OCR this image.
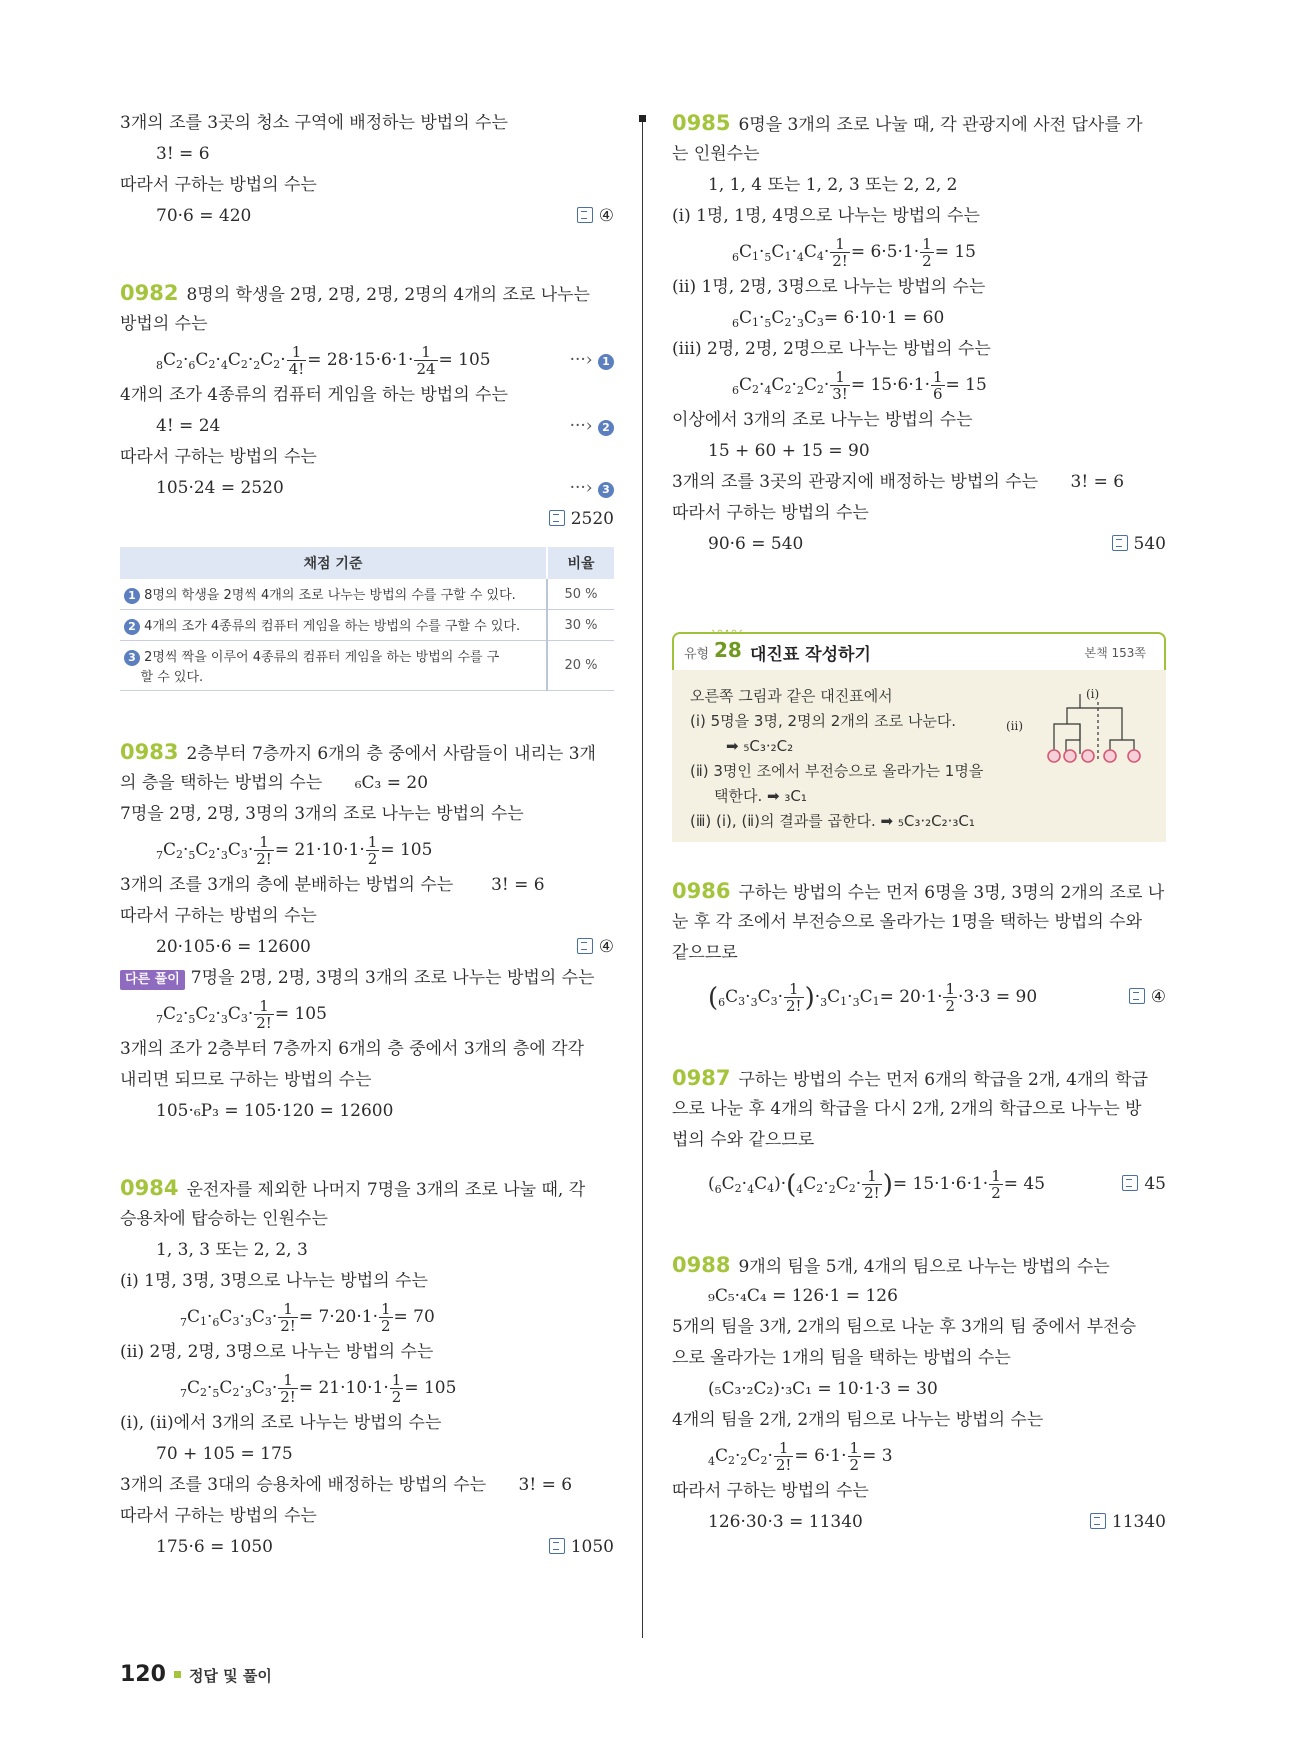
3개의 조를 3곳의 청소 구역에 배정하는 방법의 수는
3! = 6
따라서 구하는 방법의 수는
70·6 = 420	④
0982 8명의 학생을 2명, 2명, 2명, 2명의 4개의 조로 나누는
방법의 수는
$_8C_2\cdot_6C_2\cdot_4C_2\cdot_2C_2\cdot \frac{1}{4!} = 28\cdot 15\cdot 6\cdot 1\cdot \frac{1}{24} = 105$	···› 1
4개의 조가 4종류의 컴퓨터 게임을 하는 방법의 수는
4! = 24	···› 2
따라서 구하는 방법의 수는
105·24 = 2520	···› 3
2520
채점 기준	비율
1 8명의 학생을 2명씩 4개의 조로 나누는 방법의 수를 구할 수 있다.	50 %
2 4개의 조가 4종류의 컴퓨터 게임을 하는 방법의 수를 구할 수 있다.	30 %
3 2명씩 짝을 이루어 4종류의 컴퓨터 게임을 하는 방법의 수를 구
할 수 있다.	20 %
0983 2층부터 7층까지 6개의 층 중에서 사람들이 내리는 3개
의 층을 택하는 방법의 수는 ₆C₃ = 20
7명을 2명, 2명, 3명의 3개의 조로 나누는 방법의 수는
$_7C_2\cdot_5C_2\cdot_3C_3\cdot \frac{1}{2!} = 21\cdot 10\cdot 1\cdot \frac{1}{2} = 105$
3개의 조를 3개의 층에 분배하는 방법의 수는 3! = 6
따라서 구하는 방법의 수는
20·105·6 = 12600	④
다른 풀이 7명을 2명, 2명, 3명의 3개의 조로 나누는 방법의 수는
$_7C_2\cdot_5C_2\cdot_3C_3\cdot \frac{1}{2!} = 105$
3개의 조가 2층부터 7층까지 6개의 층 중에서 3개의 층에 각각
내리면 되므로 구하는 방법의 수는
105·₆P₃ = 105·120 = 12600
0984 운전자를 제외한 나머지 7명을 3개의 조로 나눌 때, 각
승용차에 탑승하는 인원수는
1, 3, 3 또는 2, 2, 3
(ⅰ) 1명, 3명, 3명으로 나누는 방법의 수는
$_7C_1\cdot_6C_3\cdot_3C_3\cdot \frac{1}{2!} = 7\cdot 20\cdot 1\cdot \frac{1}{2} = 70$
(ⅱ) 2명, 2명, 3명으로 나누는 방법의 수는
$_7C_2\cdot_5C_2\cdot_3C_3\cdot \frac{1}{2!} = 21\cdot 10\cdot 1\cdot \frac{1}{2} = 105$
(ⅰ), (ⅱ)에서 3개의 조로 나누는 방법의 수는
70 + 105 = 175
3개의 조를 3대의 승용차에 배정하는 방법의 수는 3! = 6
따라서 구하는 방법의 수는
175·6 = 1050	1050
0985 6명을 3개의 조로 나눌 때, 각 관광지에 사전 답사를 가
는 인원수는
1, 1, 4 또는 1, 2, 3 또는 2, 2, 2
(ⅰ) 1명, 1명, 4명으로 나누는 방법의 수는
$_6C_1\cdot_5C_1\cdot_4C_4\cdot \frac{1}{2!} = 6\cdot 5\cdot 1\cdot \frac{1}{2} = 15$
(ⅱ) 1명, 2명, 3명으로 나누는 방법의 수는
$_6C_1\cdot_5C_2\cdot_3C_3= 6\cdot 10\cdot 1 = 60$
(ⅲ) 2명, 2명, 2명으로 나누는 방법의 수는
$_6C_2\cdot_4C_2\cdot_2C_2\cdot \frac{1}{3!} = 15\cdot 6\cdot 1\cdot \frac{1}{6} = 15$
이상에서 3개의 조로 나누는 방법의 수는
15 + 60 + 15 = 90
3개의 조를 3곳의 관광지에 배정하는 방법의 수는 3! = 6
따라서 구하는 방법의 수는
90·6 = 540	540
〰〰
유형 28 대진표 작성하기	본책 153쪽
오른쪽 그림과 같은 대진표에서
(ⅰ) 5명을 3명, 2명의 2개의 조로 나눈다.
➡ ₅C₃·₂C₂
(ⅱ) 3명인 조에서 부전승으로 올라가는 1명을
택한다. ➡ ₃C₁
(ⅲ) (ⅰ), (ⅱ)의 결과를 곱한다. ➡ ₅C₃·₂C₂·₃C₁
(ⅰ)
(ⅱ)
0986 구하는 방법의 수는 먼저 6명을 3명, 3명의 2개의 조로 나
눈 후 각 조에서 부전승으로 올라가는 1명을 택하는 방법의 수와
같으므로
$(_6C_3\cdot_3C_3\cdot \frac{1}{2!} )\cdot_3C_1\cdot_3C_1= 20\cdot 1\cdot \frac{1}{2} \cdot 3\cdot 3 = 90$	④
0987 구하는 방법의 수는 먼저 6개의 학급을 2개, 4개의 학급
으로 나눈 후 4개의 학급을 다시 2개, 2개의 학급으로 나누는 방
법의 수와 같으므로
$(_6C_2\cdot_4C_4)\cdot(_4C_2\cdot_2C_2\cdot \frac{1}{2!}$ )= $15\cdot 1\cdot 6\cdot 1\cdot \frac{1}{2} = 45$	45
0988 9개의 팀을 5개, 4개의 팀으로 나누는 방법의 수는
₉C₅·₄C₄ = 126·1 = 126
5개의 팀을 3개, 2개의 팀으로 나눈 후 3개의 팀 중에서 부전승
으로 올라가는 1개의 팀을 택하는 방법의 수는
(₅C₃·₂C₂)·₃C₁ = 10·1·3 = 30
4개의 팀을 2개, 2개의 팀으로 나누는 방법의 수는
$_4C_2\cdot_2C_2\cdot \frac{1}{2!} = 6\cdot 1\cdot \frac{1}{2} = 3$
따라서 구하는 방법의 수는
126·30·3 = 11340	11340
120 정답 및 풀이
